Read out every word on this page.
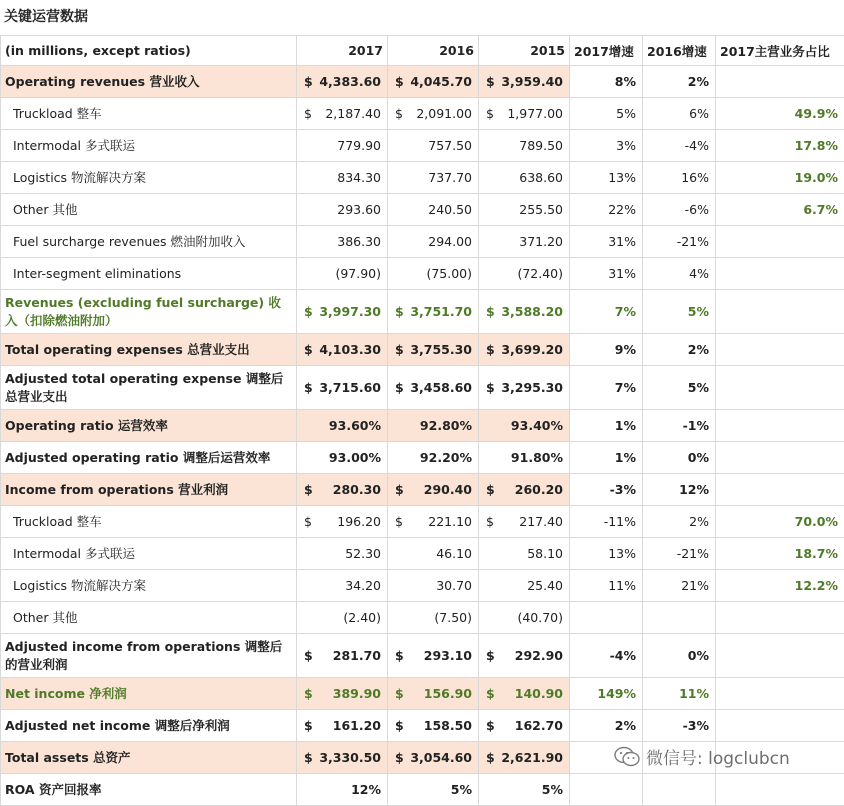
关键运营数据
(in millions, except ratios)	2017	2016	2015	2017增速	2016增速	2017主营业务占比
Operating revenues 营业收入	$ 4,383.60	$ 4,045.70	$ 3,959.40	8%	2%	
Truckload 整车	$ 2,187.40	$ 2,091.00	$ 1,977.00	5%	6%	49.9%
Intermodal 多式联运	779.90	757.50	789.50	3%	-4%	17.8%
Logistics 物流解决方案	834.30	737.70	638.60	13%	16%	19.0%
Other 其他	293.60	240.50	255.50	22%	-6%	6.7%
Fuel surcharge revenues 燃油附加收入	386.30	294.00	371.20	31%	-21%	
Inter-segment eliminations	(97.90)	(75.00)	(72.40)	31%	4%	
Revenues (excluding fuel surcharge) 收入（扣除燃油附加）	$ 3,997.30	$ 3,751.70	$ 3,588.20	7%	5%	
Total operating expenses 总营业支出	$ 4,103.30	$ 3,755.30	$ 3,699.20	9%	2%	
Adjusted total operating expense 调整后总营业支出	$ 3,715.60	$ 3,458.60	$ 3,295.30	7%	5%	
Operating ratio 运营效率	93.60%	92.80%	93.40%	1%	-1%	
Adjusted operating ratio 调整后运营效率	93.00%	92.20%	91.80%	1%	0%	
Income from operations 营业利润	$ 280.30	$ 290.40	$ 260.20	-3%	12%	
Truckload 整车	$ 196.20	$ 221.10	$ 217.40	-11%	2%	70.0%
Intermodal 多式联运	52.30	46.10	58.10	13%	-21%	18.7%
Logistics 物流解决方案	34.20	30.70	25.40	11%	21%	12.2%
Other 其他	(2.40)	(7.50)	(40.70)			
Adjusted income from operations 调整后的营业利润	$ 281.70	$ 293.10	$ 292.90	-4%	0%	
Net income 净利润	$ 389.90	$ 156.90	$ 140.90	149%	11%	
Adjusted net income 调整后净利润	$ 161.20	$ 158.50	$ 162.70	2%	-3%	
Total assets 总资产	$ 3,330.50	$ 3,054.60	$ 2,621.90			

ROA 资产回报率	12%	5%	5%			
微信号: logclubcn
